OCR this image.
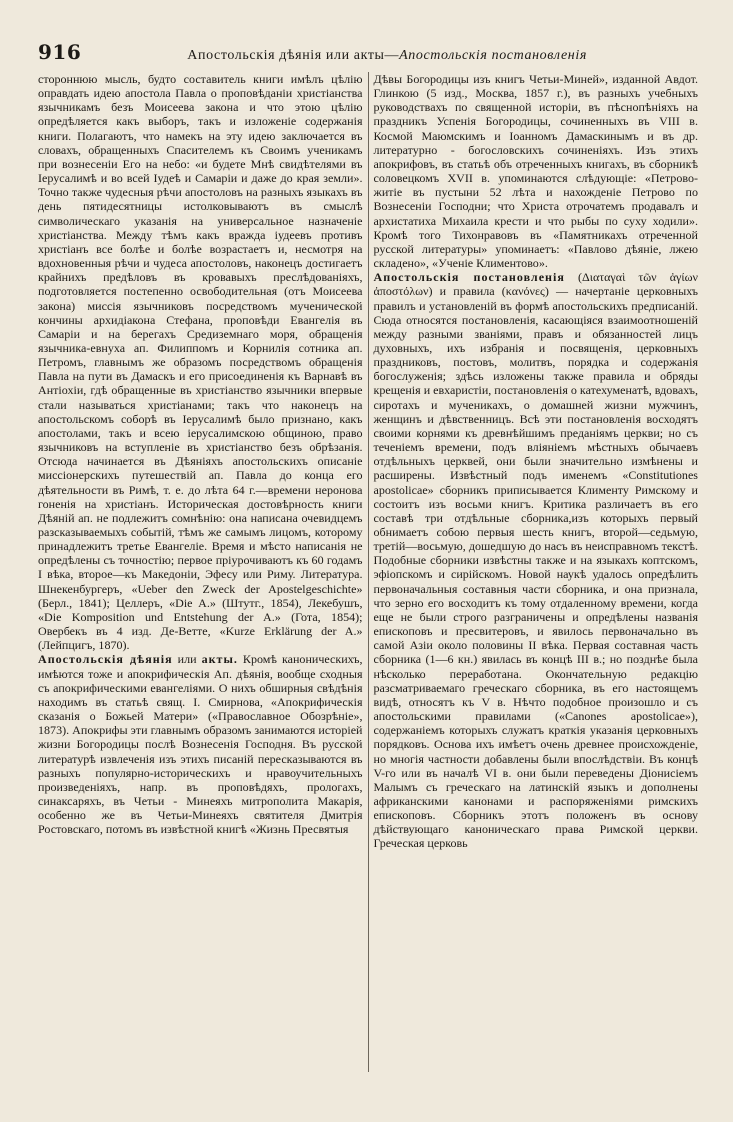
916	Апостольскія дѣянія или акты—Апостольскія постановленія

стороннюю мысль, будто составитель книги имѣлъ цѣлію оправдать идею апостола Павла о проповѣданіи христіанства язычникамъ безъ Моисеева закона и что этою цѣлію опредѣляется какъ выборъ, такъ и изложеніе содержанія книги. Полагаютъ, что намекъ на эту идею заключается въ словахъ, обращенныхъ Спасителемъ къ Своимъ ученикамъ при вознесеніи Его на небо: «и будете Мнѣ свидѣтелями въ Іерусалимѣ и во всей Іудеѣ и Самаріи и даже до края земли». Точно также чудесныя рѣчи апостоловъ на разныхъ языкахъ въ день пятидесятницы истолковываютъ въ смыслѣ символическаго указанія на универсальное назначеніе христіанства. Между тѣмъ какъ вражда іудеевъ противъ христіанъ все болѣе и болѣе возрастаетъ и, несмотря на вдохновенныя рѣчи и чудеса апостоловъ, наконецъ достигаетъ крайнихъ предѣловъ въ кровавыхъ преслѣдованіяхъ, подготовляется постепенно освободительная (отъ Моисеева закона) миссія язычниковъ посредствомъ мученической кончины архидіакона Стефана, проповѣди Евангелія въ Самаріи и на берегахъ Средиземнаго моря, обращенія язычника-евнуха ап. Филиппомъ и Корнилія сотника ап. Петромъ, главнымъ же образомъ посредствомъ обращенія Павла на пути въ Дамаскъ и его присоединенія къ Варнавѣ въ Антіохіи, гдѣ обращенные въ христіанство язычники впервые стали называться христіанами; такъ что наконецъ на апостольскомъ соборѣ въ Іерусалимѣ было признано, какъ апостолами, такъ и всею іерусалимскою общиною, право язычниковъ на вступленіе въ христіанство безъ обрѣзанія. Отсюда начинается въ Дѣяніяхъ апостольскихъ описаніе миссіонерскихъ путешествій ап. Павла до конца его дѣятельности въ Римѣ, т. е. до лѣта 64 г.—времени нероновa гоненія на христіанъ. Историческая достовѣрность книги Дѣяній ап. не подлежитъ сомнѣнію: она написана очевидцемъ разсказываемыхъ событій, тѣмъ же самымъ лицомъ, которому принадлежитъ третье Евангеліе. Время и мѣсто написанія не опредѣлены съ точностію; первое пріурочиваютъ къ 60 годамъ I вѣка, второе—къ Македоніи, Эфесу или Риму. Литература. Шнекенбургеръ, «Ueber den Zweck der Apostelgeschichte» (Берл., 1841); Целлеръ, «Die A.» (Штутг., 1854), Лекебушъ, «Die Komposition und Entstehung der A.» (Гота, 1854); Овербекъ въ 4 изд. Де-Ветте, «Kurze Erklärung der A.» (Лейпцигъ, 1870).

Апостольскія дѣянія или акты. Кромѣ каноническихъ, имѣются тоже и апокрифическія Ап. дѣянія, вообще сходныя съ апокрифическими евангеліями. О нихъ обширныя свѣдѣнія находимъ въ статьѣ свящ. І. Смирнова, «Апокрифическія сказанія о Божьей Матери» («Православное Обозрѣніе», 1873). Апокрифы эти главнымъ образомъ занимаются исторіей жизни Богородицы послѣ Вознесенія Господня. Въ русской литературѣ извлеченія изъ этихъ писаній пересказываются въ разныхъ популярно-историческихъ и нравоучительныхъ произведеніяхъ, напр. въ проповѣдяхъ, прологахъ, синаксаряхъ, въ Четьи - Минеяхъ митрополита Макарія, особенно же въ Четьи-Минеяхъ святителя Дмитрія Ростовскаго, потомъ въ извѣстной книгѣ «Жизнь Пресвятыя

Дѣвы Богородицы изъ книгъ Четьи-Миней», изданной Авдот. Глинкою (5 изд., Москва, 1857 г.), въ разныхъ учебныхъ руководствахъ по священной исторіи, въ пѣснопѣніяхъ на праздникъ Успенія Богородицы, сочиненныхъ въ VIII в. Космой Маюмскимъ и Іоанномъ Дамаскинымъ и въ др. литературно - богословскихъ сочиненіяхъ. Изъ этихъ апокрифовъ, въ статьѣ объ отреченныхъ книгахъ, въ сборникѣ соловецкомъ XVII в. упоминаются слѣдующіе: «Петрово-житіе въ пустыни 52 лѣта и нахожденіе Петрово по Вознесеніи Господни; что Христа отрочатемъ продавалъ и архистатиха Михаила крести и что рыбы по суху ходили». Кромѣ того Тихонравовъ въ «Памятникахъ отреченной русской литературы» упоминаетъ: «Павлово дѣяніе, лжею складено», «Ученіе Климентово».

Апостольскія постановленія (Διαταγαὶ τῶν ἁγίων ἀποστόλων) и правила (κανόνες) — начертаніе церковныхъ правилъ и установленій въ формѣ апостольскихъ предписаній. Сюда относятся постановленія, касающіяся взаимоотношеній между разными званіями, правъ и обязанностей лицъ духовныхъ, ихъ избранія и посвященія, церковныхъ праздниковъ, постовъ, молитвъ, порядка и содержанія богослуженія; здѣсь изложены также правила и обряды крещенія и евхаристіи, постановленія о катехуменатѣ, вдовахъ, сиротахъ и мученикахъ, о домашней жизни мужчинъ, женщинъ и дѣвственницъ. Всѣ эти постановленія восходятъ своими корнями къ древнѣйшимъ преданіямъ церкви; но съ теченіемъ времени, подъ вліяніемъ мѣстныхъ обычаевъ отдѣльныхъ церквей, они были значительно измѣнены и расширены. Извѣстный подъ именемъ «Constitutiones apostolicae» сборникъ приписывается Клименту Римскому и состоитъ изъ восьми книгъ. Критика различаетъ въ его составѣ три отдѣльные сборника,изъ которыхъ первый обнимаетъ собою первыя шесть книгъ, второй—седьмую, третій—восьмую, дошедшую до насъ въ неисправномъ текстѣ. Подобные сборники извѣстны также и на языкахъ коптскомъ, эфіопскомъ и сирійскомъ. Новой наукѣ удалось опредѣлить первоначальныя составныя части сборника, и она признала, что зерно его восходитъ къ тому отдаленному времени, когда еще не были строго разграничены и опредѣлены названія епископовъ и пресвитеровъ, и явилось первоначально въ самой Азіи около половины II вѣка. Первая составная часть сборника (1—6 кн.) явилась въ концѣ III в.; но позднѣе была нѣсколько переработана. Окончательную редакцію разсматриваемаго греческаго сборника, въ его настоящемъ видѣ, относятъ къ V в. Нѣчто подобное произошло и съ апостольскими правилами («Canones apostolicae»), содержаніемъ которыхъ служатъ краткія указанія церковныхъ порядковъ. Основа ихъ имѣетъ очень древнее происхожденіе, но многія частности добавлены были впослѣдствіи. Въ концѣ V-го или въ началѣ VI в. они были переведены Діонисіемъ Малымъ съ греческаго на латинскій языкъ и дополнены африканскими канонами и распоряженіями римскихъ епископовъ. Сборникъ этотъ положенъ въ основу дѣйствующаго каноническаго права Римской церкви. Греческая церковь
